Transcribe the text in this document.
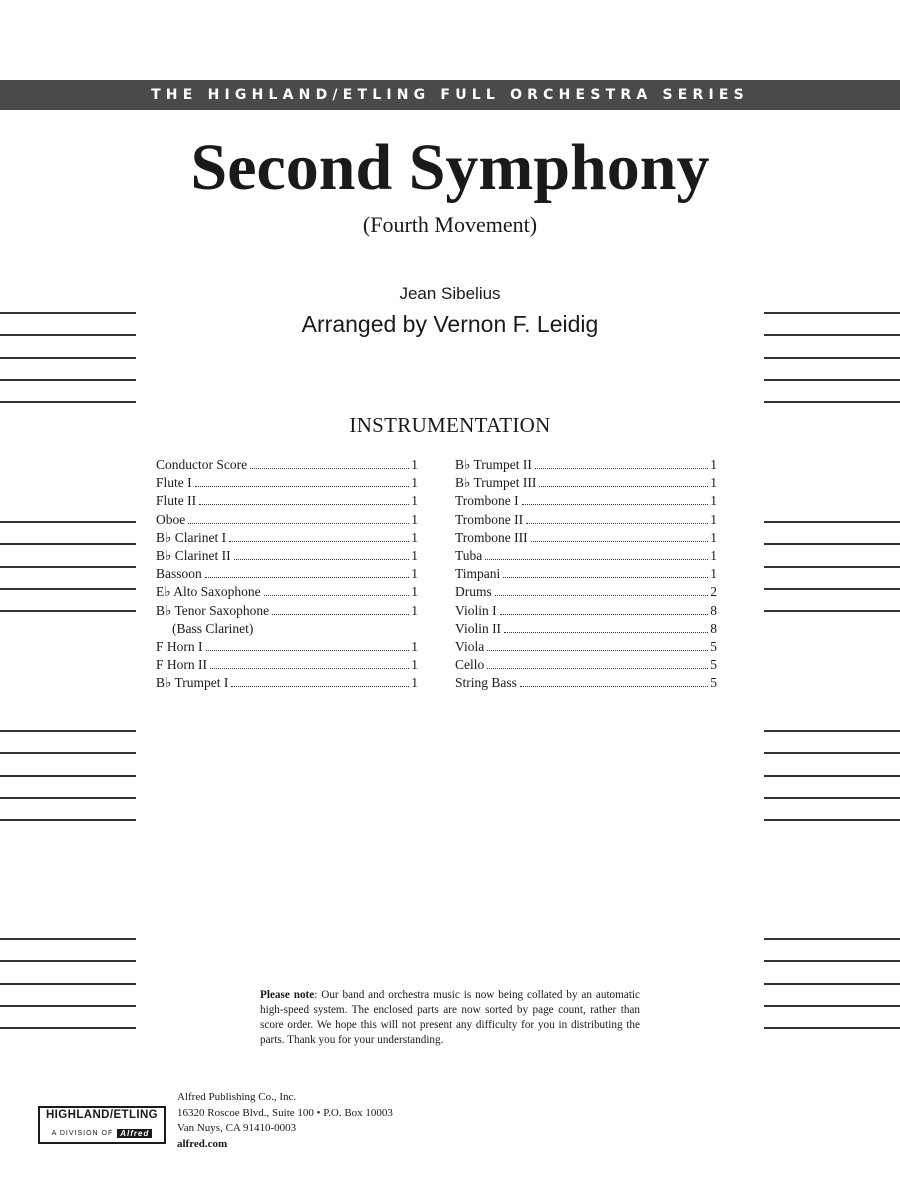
THE HIGHLAND/ETLING FULL ORCHESTRA SERIES
Second Symphony
(Fourth Movement)
Jean Sibelius
Arranged by Vernon F. Leidig
INSTRUMENTATION
Conductor Score	1
Flute I	1
Flute II	1
Oboe	1
B♭ Clarinet I	1
B♭ Clarinet II	1
Bassoon	1
E♭ Alto Saxophone	1
B♭ Tenor Saxophone	1
(Bass Clarinet)
F Horn I	1
F Horn II	1
B♭ Trumpet I	1
B♭ Trumpet II	1
B♭ Trumpet III	1
Trombone I	1
Trombone II	1
Trombone III	1
Tuba	1
Timpani	1
Drums	2
Violin I	8
Violin II	8
Viola	5
Cello	5
String Bass	5
Please note: Our band and orchestra music is now being collated by an automatic high-speed system. The enclosed parts are now sorted by page count, rather than score order. We hope this will not present any difficulty for you in distributing the parts. Thank you for your understanding.
HIGHLAND/ETLING
A DIVISION OF Alfred
Alfred Publishing Co., Inc.
16320 Roscoe Blvd., Suite 100 • P.O. Box 10003
Van Nuys, CA 91410-0003
alfred.com
